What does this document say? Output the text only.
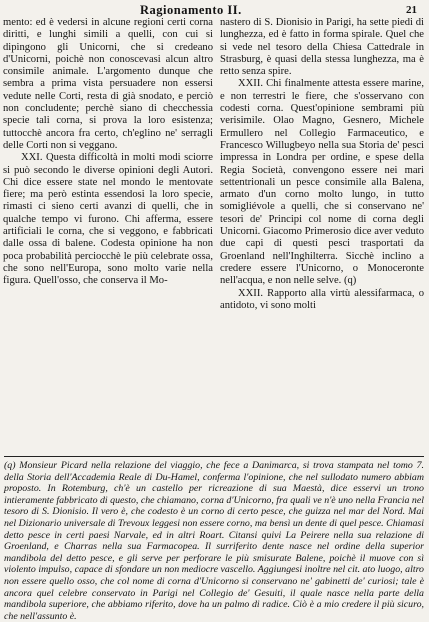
Ragionamento II.	21

mento: ed è vedersi in alcune regioni certi corna diritti, e lunghi simili a quelli, con cui si dipingono gli Unicorni, che si credeano d'Unicorni, poichè non conoscevasi alcun altro consimile animale. L'argomento dunque che sembra a prima vista persuadere non essersi vedute nelle Corti, resta di già snodato, e perciò non concludente; perchè siano di checchessia specie tali corna, si prova la loro esistenza; tuttocchè ancora fra certo, ch'eglino ne' serragli delle Corti non si veggano.

XXI. Questa difficoltà in molti modi sciorre si può secondo le diverse opinioni degli Autori. Chi dice essere state nel mondo le mentovate fiere; ma però estinta essendosi la loro specie, rimasti ci sieno certi avanzi di quelli, che in qualche tempo vi furono. Chi afferma, essere artificiali le corna, che si veggono, e fabbricati dalle ossa di balene. Codesta opinione ha non poca probabilità perciocchè le più celebrate ossa, che sono nell'Europa, sono molto varie nella figura. Quell'osso, che conserva il Mo-

nastero di S. Dionisio in Parigi, ha sette piedi di lunghezza, ed è fatto in forma spirale. Quel che si vede nel tesoro della Chiesa Cattedrale in Strasburg, è quasi della stessa lunghezza, ma è retto senza spire.

XXII. Chi finalmente attesta essere marine, e non terrestri le fiere, che s'osservano con codesti corna. Quest'opinione sembrami più verisimile. Olao Magno, Gesnero, Michele Ermullero nel Collegio Farmaceutico, e Francesco Willugbeyo nella sua Storia de' pesci impressa in Londra per ordine, e spese della Regia Società, convengono essere nei mari settentrionali un pesce consimile alla Balena, armato d'un corno molto lungo, in tutto somigliévole a quelli, che si conservano ne' tesori de' Principi col nome di corna degli Unicorni. Giacomo Primerosio dice aver veduto due capi di questi pesci trasportati da Groenland nell'Inghilterra. Sicchè inclino a credere essere l'Unicorno, o Monoceronte nell'acqua, e non nelle selve. (q)

XXII. Rapporto alla virtù alessifarmaca, o antidoto, vi sono molti

(q) Monsieur Picard nella relazione del viaggio, che fece a Danimarca, si trova stampata nel tomo 7. della Storia dell'Accademia Reale di Du-Hamel, conferma l'opinione, che nel sullodato numero abbiam proposto. In Rotemburg, ch'è un castello per ricreazione di sua Maestà, dice esservi un trono intieramente fabbricato di questo, che chiamano, corna d'Unicorno, fra quali ve n'è uno nella Francia nel tesoro di S. Dionisio. Il vero è, che codesto è un corno di certo pesce, che guizza nel mar del Nord. Mai nel Dizionario universale di Trevoux leggesi non essere corno, ma bensì un dente di quel pesce. Chiamasi detto pesce in certi paesi Narvale, ed in altri Roart. Citansi quivi La Peirere nella sua relazione di Groenland, e Charras nella sua Farmacopea. Il surriferito dente nasce nel ordine della superior mandibola del detto pesce, e gli serve per perforare le più smisurate Balene, poichè il muove con sì violento impulso, capace di sfondare un non mediocre vascello. Aggiungesi inoltre nel cit. ato luogo, altro non essere quello osso, che col nome di corna d'Unicorno si conservano ne' gabinetti de' curiosi; tale è ancora quel celebre conservato in Parigi nel Collegio de' Gesuiti, il quale nasce nella parte della mandibola superiore, che abbiamo riferito, dove ha un palmo di radice. Ciò è a mio credere il più sicuro, che nell'assunto è.
